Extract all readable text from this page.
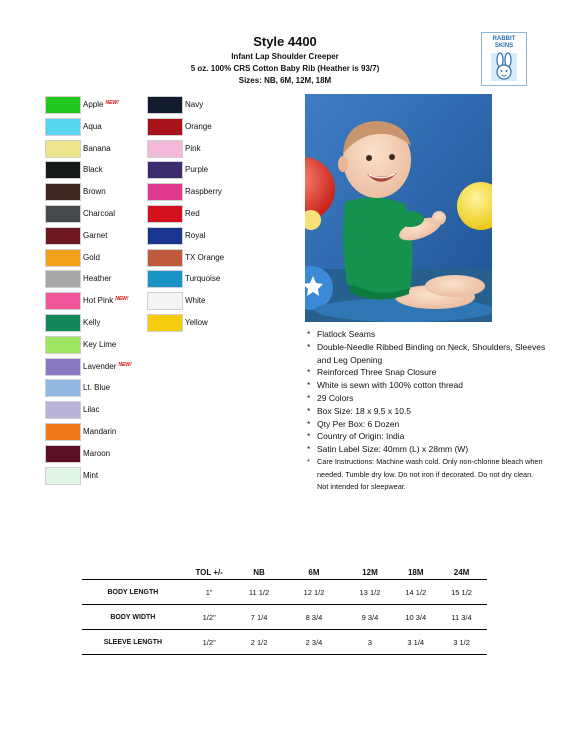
Style 4400
Infant Lap Shoulder Creeper
5 oz. 100% CRS Cotton Baby Rib (Heather is 93/7)
Sizes: NB, 6M, 12M, 18M
RABBIT
SKINS
Apple $^{NEW!}$
Aqua
Banana
Black
Brown
Charcoal
Garnet
Gold
Heather
Hot Pink $^{NEW!}$
Kelly
Key Lime
Lavender $^{NEW!}$
Lt. Blue
Lilac
Mandarin
Maroon
Mint
Navy
Orange
Pink
Purple
Raspberry
Red
Royal
TX Orange
Turquoise
White
Yellow
* Flatlock Seams
* Double-Needle Ribbed Binding on Neck, Shoulders, Sleeves and Leg Opening
* Reinforced Three Snap Closure
* White is sewn with 100% cotton thread
* 29 Colors
* Box Size: 18 x 9.5 x 10.5
* Qty Per Box: 6 Dozen
* Country of Origin: India
* Satin Label Size: 40mm (L) x 28mm (W)
* Care Instructions: Machine wash cold. Only non-chlorine bleach when needed. Tumble dry low. Do not iron if decorated. Do not dry clean. Not intended for sleepwear.
	TOL +/-	NB	6M	12M	18M	24M
BODY LENGTH	1"	11 1/2	12 1/2	13 1/2	14 1/2	15 1/2
BODY WIDTH	1/2"	7 1/4	8 3/4	9 3/4	10 3/4	11 3/4
SLEEVE LENGTH	1/2"	2 1/2	2 3/4	3	3 1/4	3 1/2
